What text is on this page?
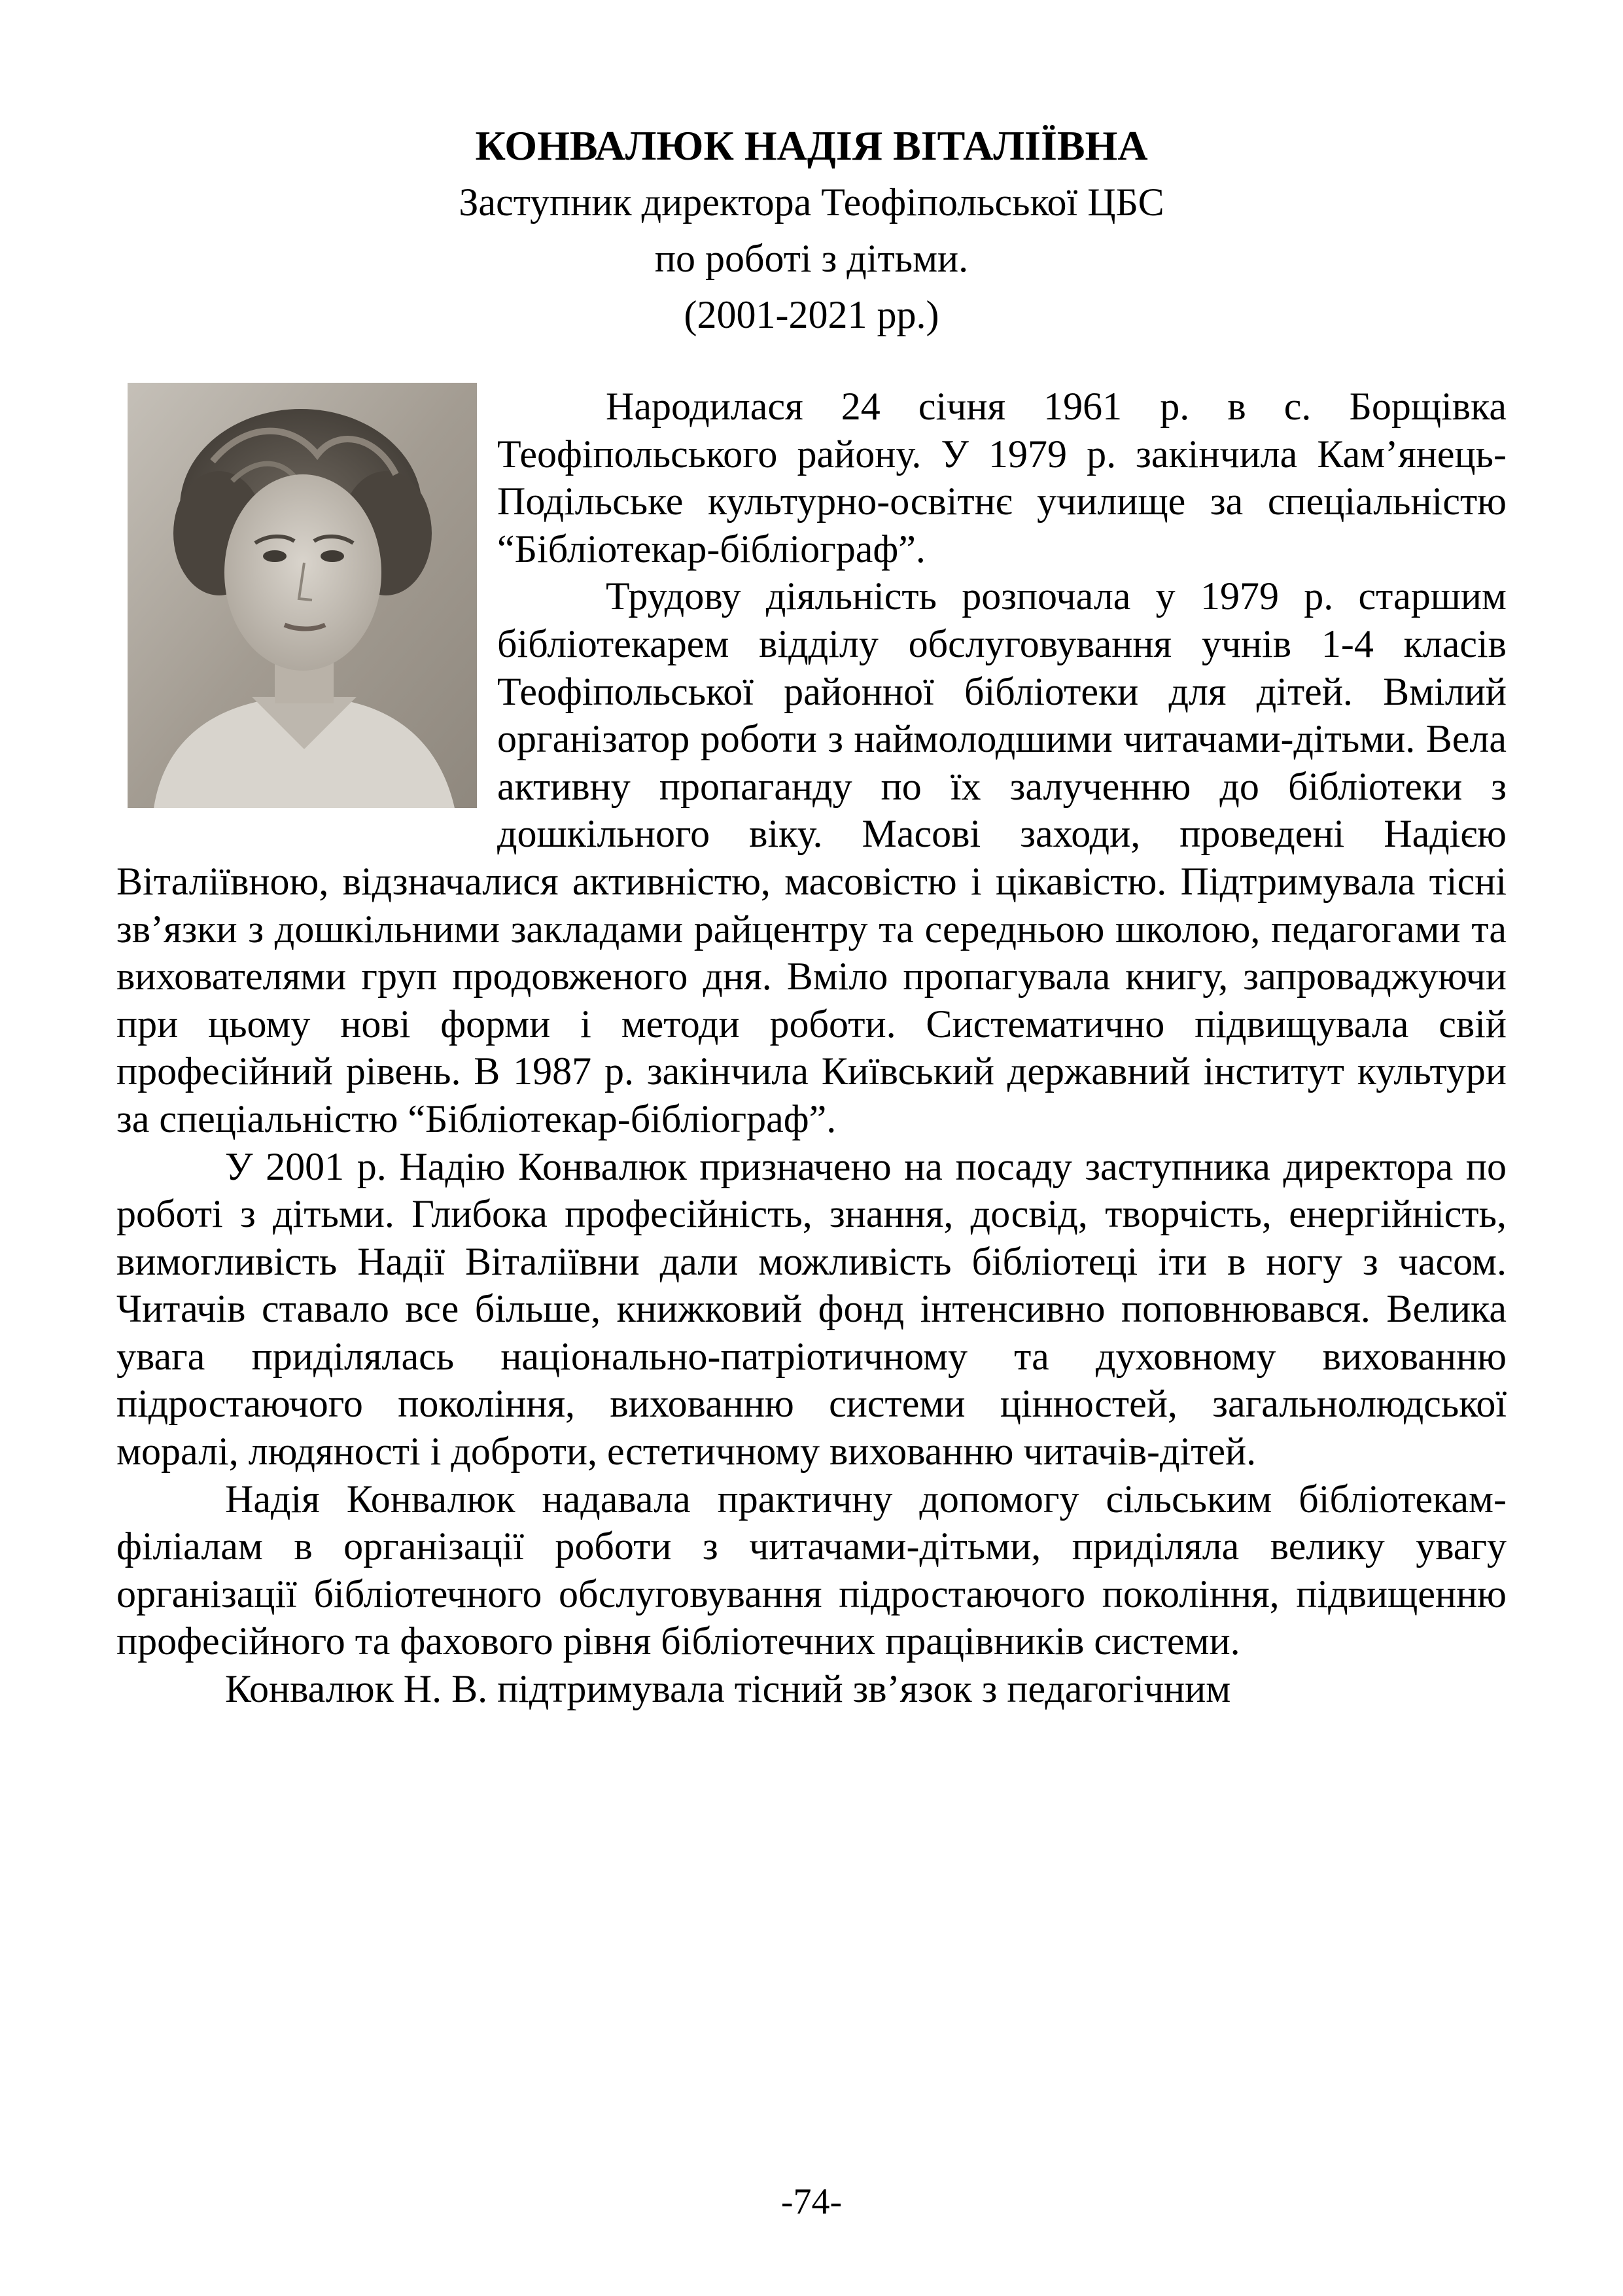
КОНВАЛЮК НАДІЯ ВІТАЛІЇВНА
Заступник директора Теофіпольської ЦБС
по роботі з дітьми.
(2001-2021 рр.)

Народилася 24 січня 1961 р. в с. Борщівка Теофіпольського району. У 1979 р. закінчила Кам’янець-Подільське культурно-освітнє училище за спеціальністю “Бібліотекар-бібліограф”.

Трудову діяльність розпочала у 1979 р. старшим бібліотекарем відділу обслуговування учнів 1-4 класів Теофіпольської районної бібліотеки для дітей. Вмілий організатор роботи з наймолодшими читачами-дітьми. Вела активну пропаганду по їх залученню до бібліотеки з дошкільного віку. Масові заходи, проведені Надією Віталіївною, відзначалися активністю, масовістю і цікавістю. Підтримувала тісні зв’язки з дошкільними закладами райцентру та середньою школою, педагогами та вихователями груп продовженого дня. Вміло пропагувала книгу, запроваджуючи при цьому нові форми і методи роботи. Систематично підвищувала свій професійний рівень. В 1987 р. закінчила Київський державний інститут культури за спеціальністю “Бібліотекар-бібліограф”.

У 2001 р. Надію Конвалюк призначено на посаду заступника директора по роботі з дітьми. Глибока професійність, знання, досвід, творчість, енергійність, вимогливість Надії Віталіївни дали можливість бібліотеці іти в ногу з часом. Читачів ставало все більше, книжковий фонд інтенсивно поповнювався. Велика увага приділялась національно-патріотичному та духовному вихованню підростаючого покоління, вихованню системи цінностей, загальнолюдської моралі, людяності і доброти, естетичному вихованню читачів-дітей.

Надія Конвалюк надавала практичну допомогу сільським бібліотекам-філіалам в організації роботи з читачами-дітьми, приділяла велику увагу організації бібліотечного обслуговування підростаючого покоління, підвищенню професійного та фахового рівня бібліотечних працівників системи.

Конвалюк Н. В. підтримувала тісний зв’язок з педагогічним

-74-
